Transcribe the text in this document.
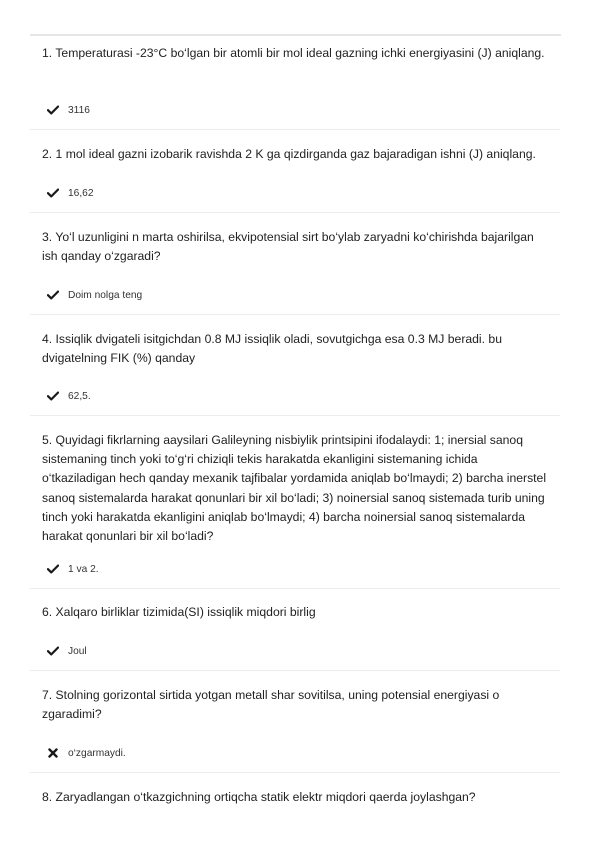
1. Temperaturasi -23°C bo‘lgan bir atomli bir mol ideal gazning ichki energiyasini (J) aniqlang.

3116

2. 1 mol ideal gazni izobarik ravishda 2 K ga qizdirganda gaz bajaradigan ishni (J) aniqlang.

16,62

3. Yo‘l uzunligini n marta oshirilsa, ekvipotensial sirt bo‘ylab zaryadni ko‘chirishda bajarilgan ish qanday o‘zgaradi?

Doim nolga teng

4. Issiqlik dvigateli isitgichdan 0.8 MJ issiqlik oladi, sovutgichga esa 0.3 MJ beradi. bu dvigatelning FIK (%) qanday

62,5.

5. Quyidagi fikrlarning aaysilari Galileyning nisbiylik printsipini ifodalaydi: 1; inersial sanoq sistemaning tinch yoki to‘g‘ri chiziqli tekis harakatda ekanligini sistemaning ichida o‘tkaziladigan hech qanday mexanik tajfibalar yordamida aniqlab bo‘lmaydi; 2) barcha inerstel sanoq sistemalarda harakat qonunlari bir xil bo‘ladi; 3) noinersial sanoq sistemada turib uning tinch yoki harakatda ekanligini aniqlab bo‘lmaydi; 4) barcha noinersial sanoq sistemalarda harakat qonunlari bir xil bo‘ladi?

1 va 2.

6. Xalqaro birliklar tizimida(SI) issiqlik miqdori birlig

Joul

7. Stolning gorizontal sirtida yotgan metall shar sovitilsa, uning potensial energiyasi o zgaradimi?

o‘zgarmaydi.

8. Zaryadlangan o‘tkazgichning ortiqcha statik elektr miqdori qaerda joylashgan?
